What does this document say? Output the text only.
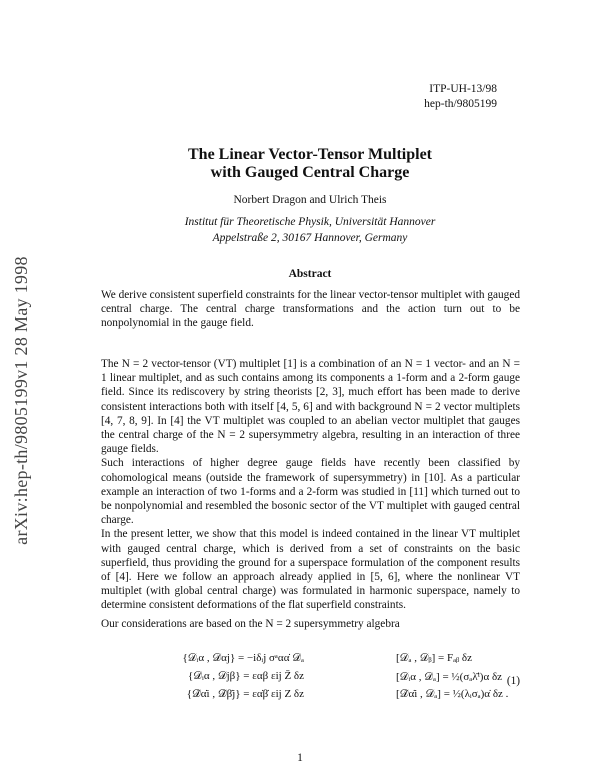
arXiv:hep-th/9805199v1 28 May 1998
ITP-UH-13/98
hep-th/9805199
The Linear Vector-Tensor Multiplet
with Gauged Central Charge
Norbert Dragon and Ulrich Theis
Institut für Theoretische Physik, Universität Hannover
Appelstraße 2, 30167 Hannover, Germany
Abstract
We derive consistent superfield constraints for the linear vector-tensor multiplet with gauged central charge. The central charge transformations and the action turn out to be nonpolynomial in the gauge field.

The N = 2 vector-tensor (VT) multiplet [1] is a combination of an N = 1 vector- and an N = 1 linear multiplet, and as such contains among its components a 1-form and a 2-form gauge field. Since its rediscovery by string theorists [2, 3], much effort has been made to derive consistent interactions both with itself [4, 5, 6] and with background N = 2 vector multiplets [4, 7, 8, 9]. In [4] the VT multiplet was coupled to an abelian vector multiplet that gauges the central charge of the N = 2 supersymmetry algebra, resulting in an interaction of three gauge fields.

Such interactions of higher degree gauge fields have recently been classified by cohomological means (outside the framework of supersymmetry) in [10]. As a particular example an interaction of two 1-forms and a 2-form was studied in [11] which turned out to be nonpolynomial and resembled the bosonic sector of the VT multiplet with gauged central charge.

In the present letter, we show that this model is indeed contained in the linear VT multiplet with gauged central charge, which is derived from a set of constraints on the basic superfield, thus providing the ground for a superspace formulation of the component results of [4]. Here we follow an approach already applied in [5, 6], where the nonlinear VT multiplet (with global central charge) was formulated in harmonic superspace, namely to determine consistent deformations of the flat superfield constraints.

Our considerations are based on the N = 2 supersymmetry algebra

{𝒟ᵢα , 𝒟αj} = −iδᵢj σᵃαα̇ 𝒟ₐ	[𝒟ₐ , 𝒟ᵦ] = Fₐᵦ δz
{𝒟ᵢα , 𝒟jβ} = εαβ εij Z̄ δz	[𝒟ᵢα , 𝒟ₐ] = ½(σₐλ̄ⁱ)α δz
{𝒟̄α̇i , 𝒟̄β̇j} = εα̇β̇ εij Z δz	[𝒟̄α̇i , 𝒟ₐ] = ½(λᵢσₐ)α̇ δz .
(1)
1
